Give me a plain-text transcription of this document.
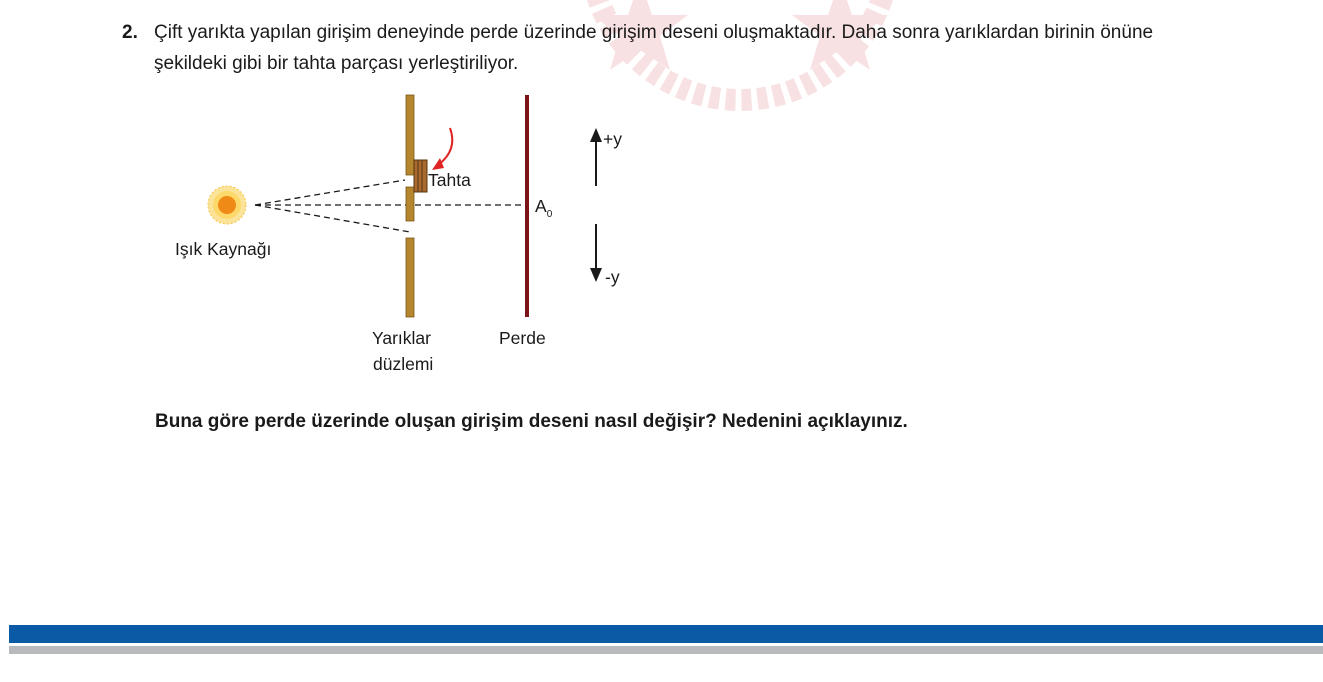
2. Çift yarıkta yapılan girişim deneyinde perde üzerinde girişim deseni oluşmaktadır. Daha sonra yarıklardan birinin önüne şekildeki gibi bir tahta parçası yerleştiriliyor.
Tahta
$A_0$
Işık Kaynağı
Yarıklar
düzlemi
Perde
+y
-y
Buna göre perde üzerinde oluşan girişim deseni nasıl değişir? Nedenini açıklayınız.
